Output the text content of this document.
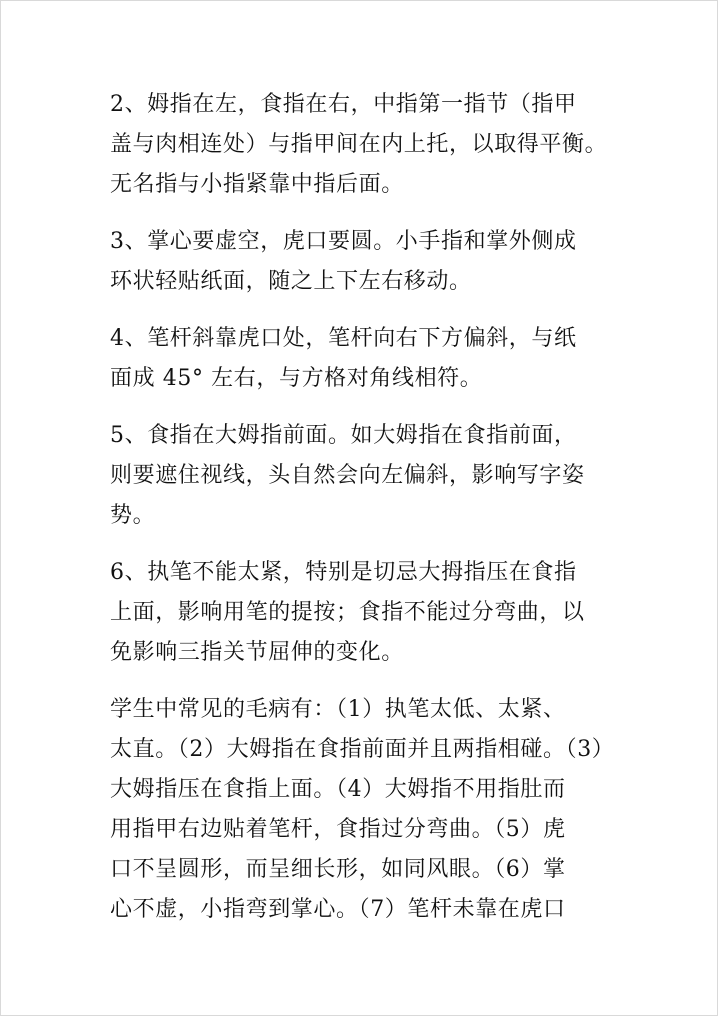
2、姆指在左，食指在右，中指第一指节（指甲
盖与肉相连处）与指甲间在内上托，以取得平衡。
无名指与小指紧靠中指后面。

3、掌心要虚空，虎口要圆。小手指和掌外侧成
环状轻贴纸面，随之上下左右移动。

4、笔杆斜靠虎口处，笔杆向右下方偏斜，与纸
面成 45° 左右，与方格对角线相符。

5、食指在大姆指前面。如大姆指在食指前面，
则要遮住视线，头自然会向左偏斜，影响写字姿
势。

6、执笔不能太紧，特别是切忌大拇指压在食指
上面，影响用笔的提按；食指不能过分弯曲，以
免影响三指关节屈伸的变化。

学生中常见的毛病有：（1）执笔太低、太紧、
太直。（2）大姆指在食指前面并且两指相碰。（3）
大姆指压在食指上面。（4）大姆指不用指肚而
用指甲右边贴着笔杆，食指过分弯曲。（5）虎
口不呈圆形，而呈细长形，如同风眼。（6）掌
心不虚，小指弯到掌心。（7）笔杆未靠在虎口
